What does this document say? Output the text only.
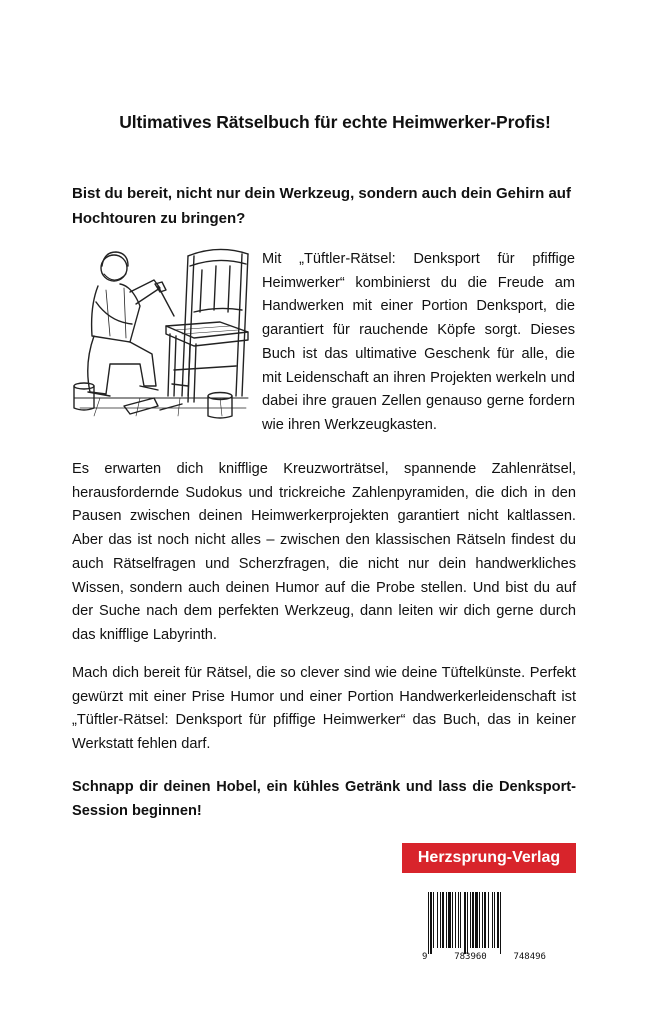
Ultimatives Rätselbuch für echte Heimwerker-Profis!
Bist du bereit, nicht nur dein Werkzeug, sondern auch dein Gehirn auf Hochtouren zu bringen?
Mit „Tüftler-Rätsel: Denksport für pfiffige Heimwerker“ kombinierst du die Freude am Handwerken mit einer Portion Denksport, die garantiert für rauchende Köpfe sorgt. Dieses Buch ist das ultimative Geschenk für alle, die mit Leidenschaft an ihren Projekten werkeln und dabei ihre grauen Zellen genauso gerne fordern wie ihren Werkzeugkasten.
Es erwarten dich knifflige Kreuzworträtsel, spannende Zahlenrätsel, herausfordernde Sudokus und trickreiche Zahlenpyramiden, die dich in den Pausen zwischen deinen Heimwerkerprojekten garantiert nicht kaltlassen. Aber das ist noch nicht alles – zwischen den klassischen Rätseln findest du auch Rätselfragen und Scherzfragen, die nicht nur dein handwerkliches Wissen, sondern auch deinen Humor auf die Probe stellen. Und bist du auf der Suche nach dem perfekten Werkzeug, dann leiten wir dich gerne durch das knifflige Labyrinth.
Mach dich bereit für Rätsel, die so clever sind wie deine Tüftelkünste. Perfekt gewürzt mit einer Prise Humor und einer Portion Handwerkerleidenschaft ist „Tüftler-Rätsel: Denksport für pfiffige Heimwerker“ das Buch, das in keiner Werkstatt fehlen darf.
Schnapp dir deinen Hobel, ein kühles Getränk und lass die Denksport-Session beginnen!
Herzsprung-Verlag
9	783960	748496
